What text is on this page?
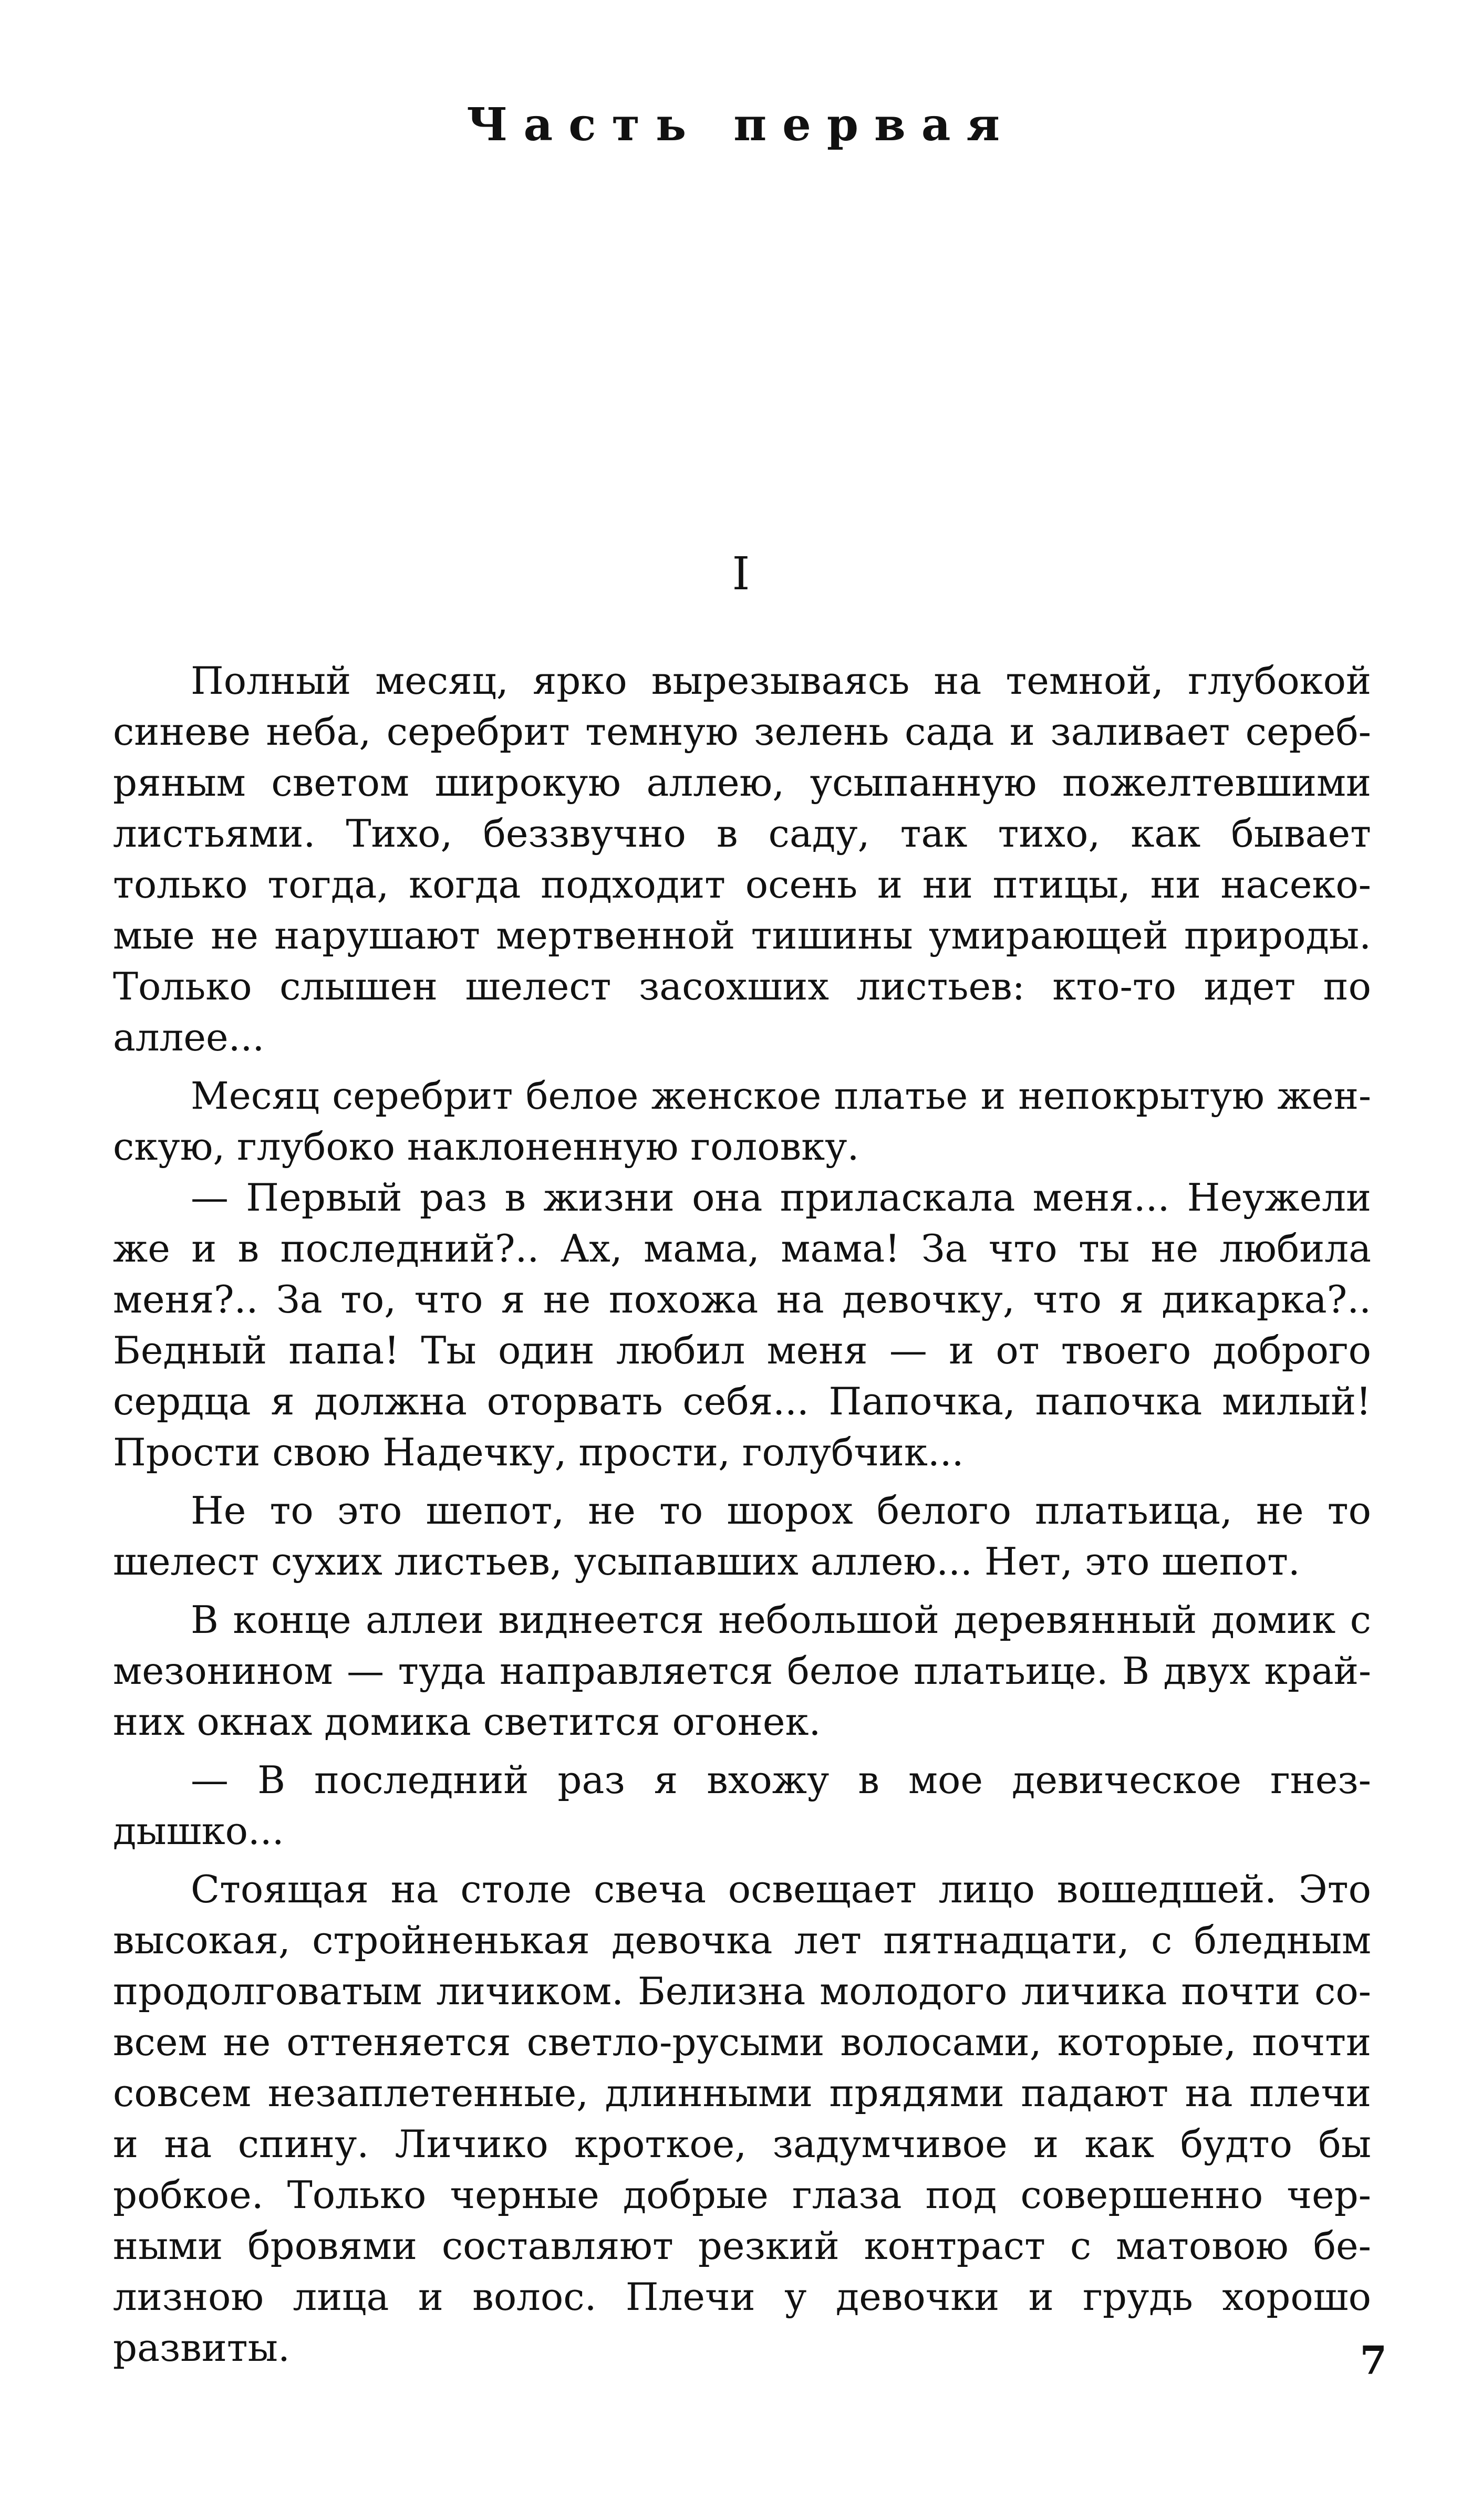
Часть первая
I
Полный месяц, ярко вырезываясь на темной, глубокой
синеве неба, серебрит темную зелень сада и заливает сереб-
ряным светом широкую аллею, усыпанную пожелтевшими
листьями. Тихо, беззвучно в саду, так тихо, как бывает
только тогда, когда подходит осень и ни птицы, ни насеко-
мые не нарушают мертвенной тишины умирающей природы.
Только слышен шелест засохших листьев: кто-то идет по
аллее...
Месяц серебрит белое женское платье и непокрытую жен-
скую, глубоко наклоненную головку.
— Первый раз в жизни она приласкала меня... Неужели
же и в последний?.. Ах, мама, мама! За что ты не любила
меня?.. За то, что я не похожа на девочку, что я дикарка?..
Бедный папа! Ты один любил меня — и от твоего доброго
сердца я должна оторвать себя... Папочка, папочка милый!
Прости свою Надечку, прости, голубчик...
Не то это шепот, не то шорох белого платьица, не то
шелест сухих листьев, усыпавших аллею... Нет, это шепот.
В конце аллеи виднеется небольшой деревянный домик с
мезонином — туда направляется белое платьице. В двух край-
них окнах домика светится огонек.
— В последний раз я вхожу в мое девическое гнез-
дышко...
Стоящая на столе свеча освещает лицо вошедшей. Это
высокая, стройненькая девочка лет пятнадцати, с бледным
продолговатым личиком. Белизна молодого личика почти со-
всем не оттеняется светло-русыми волосами, которые, почти
совсем незаплетенные, длинными прядями падают на плечи
и на спину. Личико кроткое, задумчивое и как будто бы
робкое. Только черные добрые глаза под совершенно чер-
ными бровями составляют резкий контраст с матовою бе-
лизною лица и волос. Плечи у девочки и грудь хорошо
развиты.	7
